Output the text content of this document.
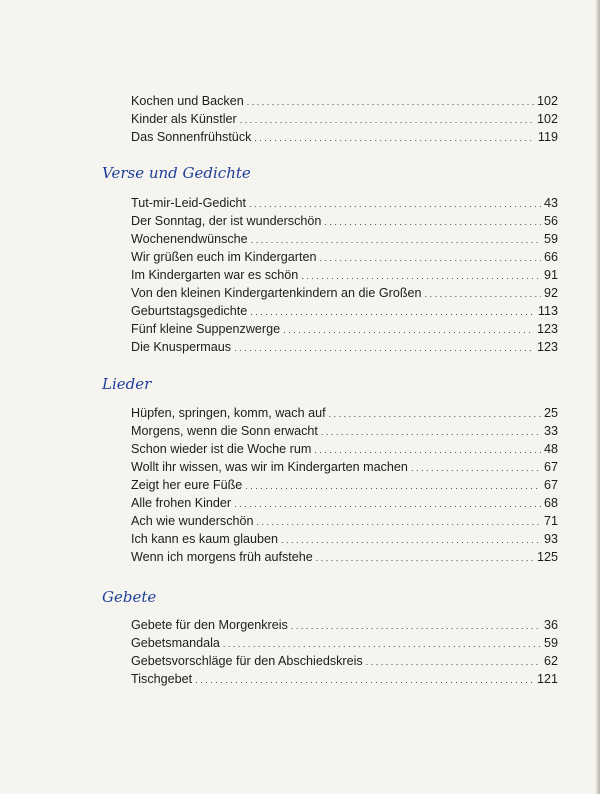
Kochen und Backen . . .	102
Kinder als Künstler . . .	102
Das Sonnenfrühstück . . .	119
Verse und Gedichte
Tut-mir-Leid-Gedicht . . .	43
Der Sonntag, der ist wunderschön . . .	56
Wochenendwünsche . . .	59
Wir grüßen euch im Kindergarten . . .	66
Im Kindergarten war es schön . . .	91
Von den kleinen Kindergartenkindern an die Großen . . .	92
Geburtstagsgedichte . . .	113
Fünf kleine Suppenzwerge . . .	123
Die Knuspermaus . . .	123
Lieder
Hüpfen, springen, komm, wach auf . . .	25
Morgens, wenn die Sonn erwacht . . .	33
Schon wieder ist die Woche rum . . .	48
Wollt ihr wissen, was wir im Kindergarten machen . . .	67
Zeigt her eure Füße . . .	67
Alle frohen Kinder . . .	68
Ach wie wunderschön . . .	71
Ich kann es kaum glauben . . .	93
Wenn ich morgens früh aufstehe . . .	125
Gebete
Gebete für den Morgenkreis . . .	36
Gebetsmandala . . .	59
Gebetsvorschläge für den Abschiedskreis . . .	62
Tischgebet . . .	121
